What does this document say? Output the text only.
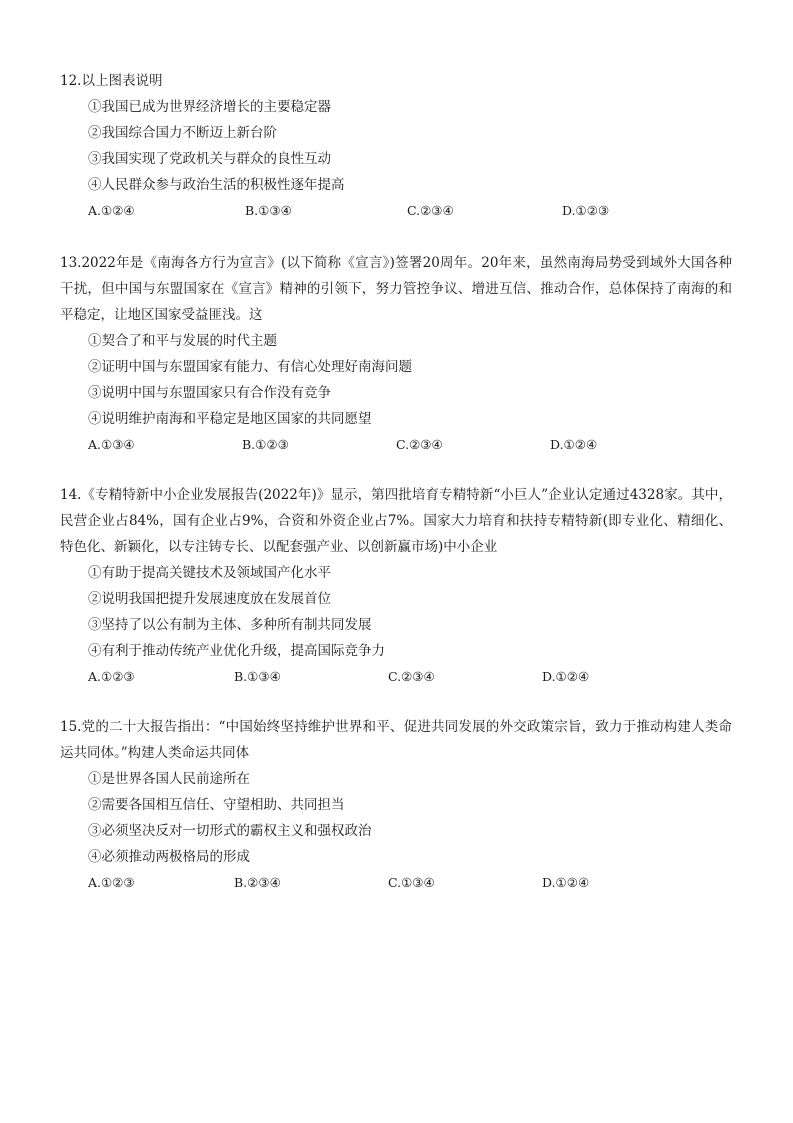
12.以上图表说明

①我国已成为世界经济增长的主要稳定器

②我国综合国力不断迈上新台阶

③我国实现了党政机关与群众的良性互动

④人民群众参与政治生活的积极性逐年提高

A.①②④	B.①③④	C.②③④	D.①②③

13.2022年是《南海各方行为宣言》(以下简称《宣言》)签署20周年。20年来，虽然南海局势受到域外大国各种干扰，但中国与东盟国家在《宣言》精神的引领下，努力管控争议、增进互信、推动合作，总体保持了南海的和平稳定，让地区国家受益匪浅。这

①契合了和平与发展的时代主题

②证明中国与东盟国家有能力、有信心处理好南海问题

③说明中国与东盟国家只有合作没有竞争

④说明维护南海和平稳定是地区国家的共同愿望

A.①③④	B.①②③	C.②③④	D.①②④

14.《专精特新中小企业发展报告(2022年)》显示，第四批培育专精特新“小巨人”企业认定通过4328家。其中，民营企业占84%，国有企业占9%，合资和外资企业占7%。国家大力培育和扶持专精特新(即专业化、精细化、特色化、新颖化，以专注铸专长、以配套强产业、以创新赢市场)中小企业

①有助于提高关键技术及领域国产化水平

②说明我国把提升发展速度放在发展首位

③坚持了以公有制为主体、多种所有制共同发展

④有利于推动传统产业优化升级，提高国际竞争力

A.①②③	B.①③④	C.②③④	D.①②④

15.党的二十大报告指出：“中国始终坚持维护世界和平、促进共同发展的外交政策宗旨，致力于推动构建人类命运共同体。”构建人类命运共同体

①是世界各国人民前途所在

②需要各国相互信任、守望相助、共同担当

③必须坚决反对一切形式的霸权主义和强权政治

④必须推动两极格局的形成

A.①②③	B.②③④	C.①③④	D.①②④
